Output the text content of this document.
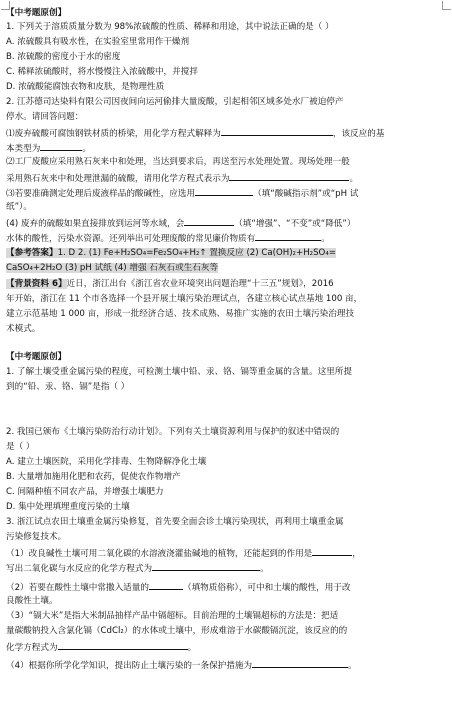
【中考题原创】
1. 下列关于溶质质量分数为 98%浓硫酸的性质、稀释和用途，其中说法正确的是（ ）
A. 浓硫酸具有吸水性，在实验室里常用作干燥剂
B. 浓硫酸的密度小于水的密度
C. 稀释浓硫酸时，将水慢慢注入浓硫酸中，并搅拌
D. 浓硫酸能腐蚀衣物和皮肤，是物理性质
2. 江苏德司达染料有限公司因夜间向运河偷排大量废酸，引起相邻区域多处水厂被迫停产
停水。请回答问题：
⑴废弃硫酸可腐蚀钢铁材质的桥梁，用化学方程式解释为	，该反应的基
本类型为	。
⑵工厂废酸应采用熟石灰来中和处理，当达到要求后，再送至污水处理处置。现场处理一般
采用熟石灰来中和处理泄漏的硫酸，请用化学方程式表示为	。
⑶若要准确测定处理后废液样品的酸碱性，应选用	（填“酸碱指示剂”或“pH 试
纸”）。
(4) 废弃的硫酸如果直接排放到运河等水域，会	（填“增强”、“不变”或“降低”）
水体的酸性，污染水资源。还列举出可处理废酸的常见廉价物质有	。
【参考答案】1. D 2. (1) Fe+H₂SO₄=Fe₂SO₄+H₂↑ 置换反应 (2) Ca(OH)₂+H₂SO₄=
CaSO₄+2H₂O (3) pH 试纸 (4) 增强 石灰石或生石灰等
【背景资料 6】近日，浙江出台《浙江省农业环境突出问题治理“十三五”规划》，2016
年开始，浙江在 11 个市各选择一个县开展土壤污染治理试点，各建立核心试点基地 100 亩，
建立示范基地 1 000 亩，形成一批经济合适、技术成熟、易推广实施的农田土壤污染治理技
术模式。
【中考题原创】
1. 了解土壤受重金属污染的程度，可检测土壤中铅、汞、铬、镉等重金属的含量。这里所提
到的“铅、汞、铬、镉”是指（ ）
2. 我国已颁布《土壤污染防治行动计划》。下列有关土壤资源利用与保护的叙述中错误的
是（ ）
A. 建立土壤医院，采用化学排毒、生物降解净化土壤
B. 大量增加施用化肥和农药，促使农作物增产
C. 间隔种植不同农产品，并增强土壤肥力
D. 集中处理填埋重度污染的土壤
3. 浙江试点农田土壤重金属污染修复，首先要全面会诊土壤污染现状，再利用土壤重金属
污染修复技术。
（1）改良碱性土壤可用二氧化碳的水溶液浇灌盐碱地的植物，还能起到的作用是	，
写出二氧化碳与水反应的化学方程式为	。
（2）若要在酸性土壤中常撒入适量的	（填物质俗称），可中和土壤的酸性，用于改
良酸性土壤。
（3）“镉大米”是指大米制品抽样产品中镉超标。目前治理的土壤镉超标的方法是：把适
量碳酸钠投入含氯化镉（CdCl₂）的水体或土壤中，形成难溶于水碳酸镉沉淀，该反应的的
化学方程式为	。
（4）根据你所学化学知识，提出防止土壤污染的一条保护措施为	。
